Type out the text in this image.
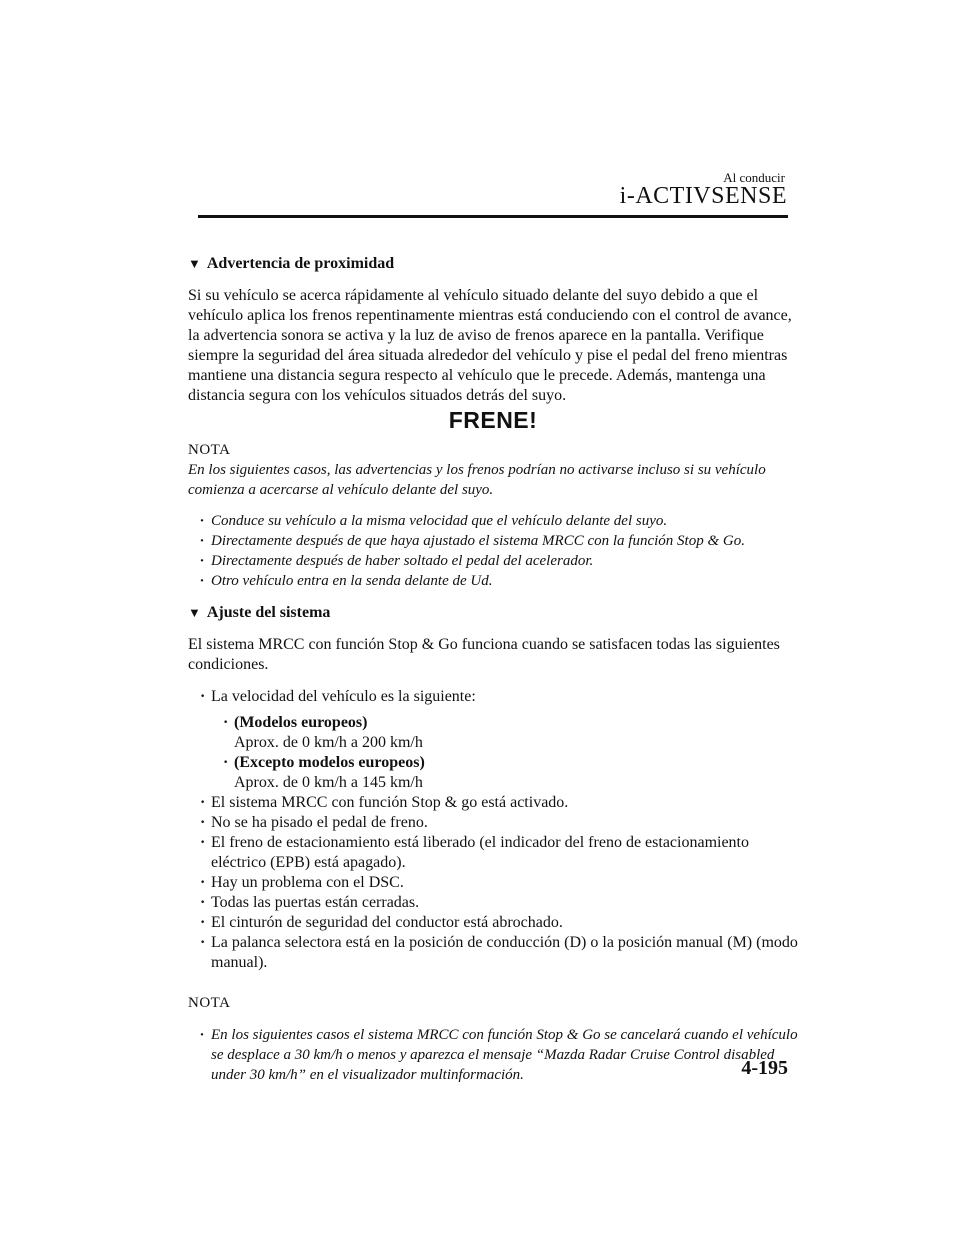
Al conducir
i-ACTIVSENSE
▼ Advertencia de proximidad

Si su vehículo se acerca rápidamente al vehículo situado delante del suyo debido a que el vehículo aplica los frenos repentinamente mientras está conduciendo con el control de avance, la advertencia sonora se activa y la luz de aviso de frenos aparece en la pantalla. Verifique siempre la seguridad del área situada alrededor del vehículo y pise el pedal del freno mientras mantiene una distancia segura respecto al vehículo que le precede. Además, mantenga una distancia segura con los vehículos situados detrás del suyo.

FRENE!
NOTA

En los siguientes casos, las advertencias y los frenos podrían no activarse incluso si su vehículo comienza a acercarse al vehículo delante del suyo.

· Conduce su vehículo a la misma velocidad que el vehículo delante del suyo.
· Directamente después de que haya ajustado el sistema MRCC con la función Stop & Go.
· Directamente después de haber soltado el pedal del acelerador.
· Otro vehículo entra en la senda delante de Ud.
▼ Ajuste del sistema

El sistema MRCC con función Stop & Go funciona cuando se satisfacen todas las siguientes condiciones.

· La velocidad del vehículo es la siguiente:
· (Modelos europeos)
Aprox. de 0 km/h a 200 km/h
· (Excepto modelos europeos)
Aprox. de 0 km/h a 145 km/h
· El sistema MRCC con función Stop & go está activado.
· No se ha pisado el pedal de freno.
· El freno de estacionamiento está liberado (el indicador del freno de estacionamiento eléctrico (EPB) está apagado).
· Hay un problema con el DSC.
· Todas las puertas están cerradas.
· El cinturón de seguridad del conductor está abrochado.
· La palanca selectora está en la posición de conducción (D) o la posición manual (M) (modo manual).
NOTA
· En los siguientes casos el sistema MRCC con función Stop & Go se cancelará cuando el vehículo se desplace a 30 km/h o menos y aparezca el mensaje “Mazda Radar Cruise Control disabled under 30 km/h” en el visualizador multinformación.	4-195
